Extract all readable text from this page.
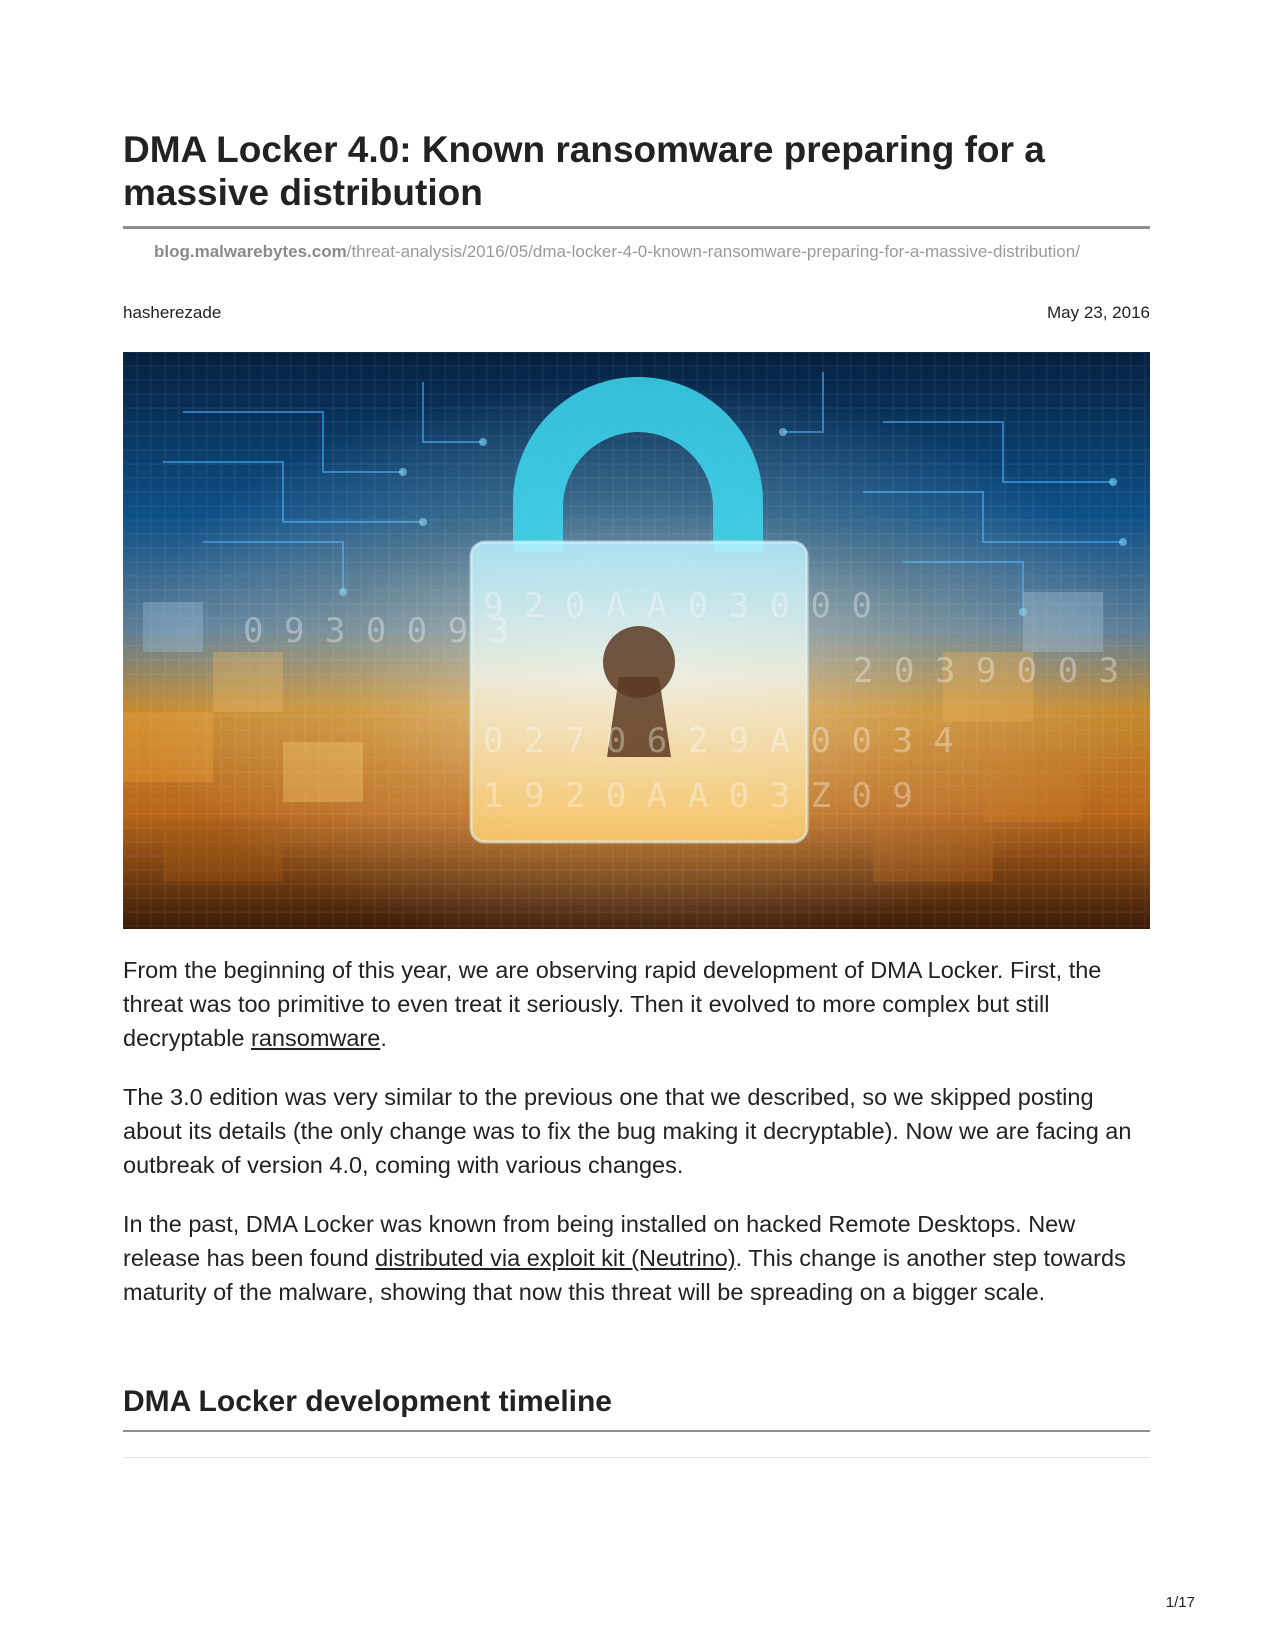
DMA Locker 4.0: Known ransomware preparing for a massive distribution
blog.malwarebytes.com/threat-analysis/2016/05/dma-locker-4-0-known-ransomware-preparing-for-a-massive-distribution/
hasherezade	May 23, 2016
9 2 0 A A 0 3 0 0 0
0 2 7 0 6 2 9 A 0 0 3 4
1 9 2 0 A A 0 3 Z 0 9
0 9 3 0 0 9 3
2 0 3 9 0 0 3

From the beginning of this year, we are observing rapid development of DMA Locker. First, the threat was too primitive to even treat it seriously. Then it evolved to more complex but still decryptable ransomware.

The 3.0 edition was very similar to the previous one that we described, so we skipped posting about its details (the only change was to fix the bug making it decryptable). Now we are facing an outbreak of version 4.0, coming with various changes.

In the past, DMA Locker was known from being installed on hacked Remote Desktops. New release has been found distributed via exploit kit (Neutrino). This change is another step towards maturity of the malware, showing that now this threat will be spreading on a bigger scale.

DMA Locker development timeline
1/17
